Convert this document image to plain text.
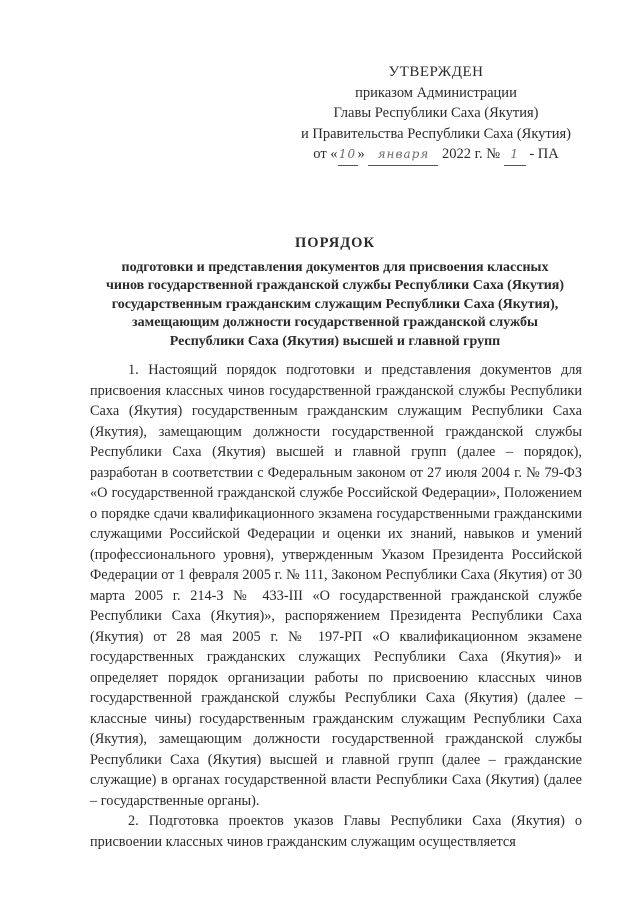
УТВЕРЖДЕН
приказом Администрации
Главы Республики Саха (Якутия)
и Правительства Республики Саха (Якутия)
от «10» января 2022 г. № 1 - ПА
ПОРЯДОК
подготовки и представления документов для присвоения классных
чинов государственной гражданской службы Республики Саха (Якутия)
государственным гражданским служащим Республики Саха (Якутия),
замещающим должности государственной гражданской службы
Республики Саха (Якутия) высшей и главной групп

1. Настоящий порядок подготовки и представления документов для присвоения классных чинов государственной гражданской службы Республики Саха (Якутия) государственным гражданским служащим Республики Саха (Якутия), замещающим должности государственной гражданской службы Республики Саха (Якутия) высшей и главной групп (далее – порядок), разработан в соответствии с Федеральным законом от 27 июля 2004 г. № 79-ФЗ «О государственной гражданской службе Российской Федерации», Положением о порядке сдачи квалификационного экзамена государственными гражданскими служащими Российской Федерации и оценки их знаний, навыков и умений (профессионального уровня), утвержденным Указом Президента Российской Федерации от 1 февраля 2005 г. № 111, Законом Республики Саха (Якутия) от 30 марта 2005 г. 214-З № 433-III «О государственной гражданской службе Республики Саха (Якутия)», распоряжением Президента Республики Саха (Якутия) от 28 мая 2005 г. № 197-РП «О квалификационном экзамене государственных гражданских служащих Республики Саха (Якутия)» и определяет порядок организации работы по присвоению классных чинов государственной гражданской службы Республики Саха (Якутия) (далее – классные чины) государственным гражданским служащим Республики Саха (Якутия), замещающим должности государственной гражданской службы Республики Саха (Якутия) высшей и главной групп (далее – гражданские служащие) в органах государственной власти Республики Саха (Якутия) (далее – государственные органы).

2. Подготовка проектов указов Главы Республики Саха (Якутия) о присвоении классных чинов гражданским служащим осуществляется
